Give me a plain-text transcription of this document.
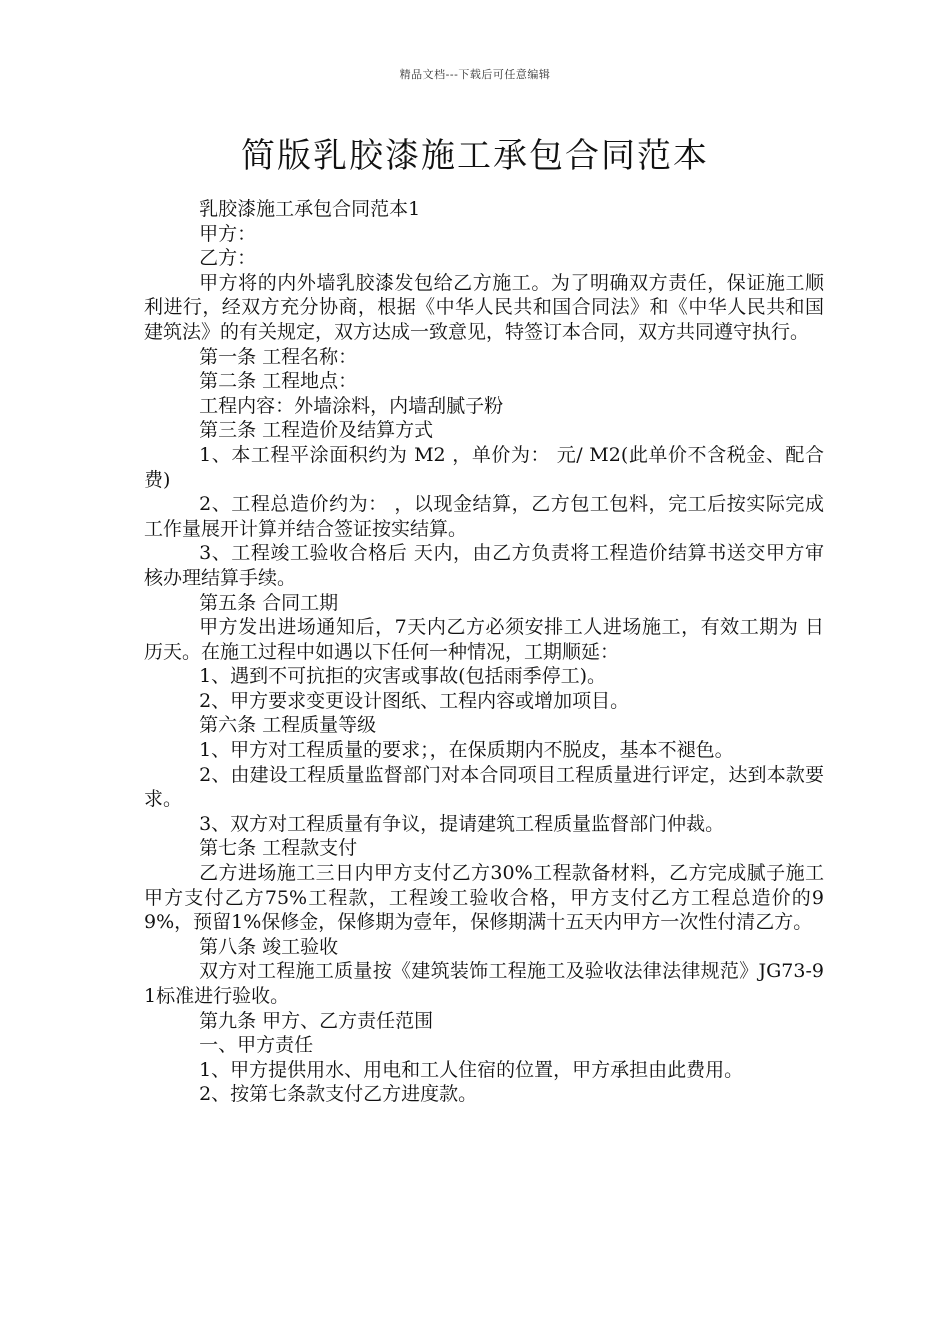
精品文档---下载后可任意编辑
简版乳胶漆施工承包合同范本

乳胶漆施工承包合同范本1

甲方：

乙方：

甲方将的内外墙乳胶漆发包给乙方施工。为了明确双方责任，保证施工顺利进行，经双方充分协商，根据《中华人民共和国合同法》和《中华人民共和国建筑法》的有关规定，双方达成一致意见，特签订本合同，双方共同遵守执行。

第一条 工程名称：

第二条 工程地点：

工程内容：外墙涂料，内墙刮腻子粉

第三条 工程造价及结算方式

1、本工程平涂面积约为 M2 ，单价为： 元/ M2(此单价不含税金、配合费)

2、工程总造价约为： ，以现金结算，乙方包工包料，完工后按实际完成工作量展开计算并结合签证按实结算。

3、工程竣工验收合格后 天内，由乙方负责将工程造价结算书送交甲方审核办理结算手续。

第五条 合同工期

甲方发出进场通知后，7天内乙方必须安排工人进场施工，有效工期为 日历天。在施工过程中如遇以下任何一种情况，工期顺延：

1、遇到不可抗拒的灾害或事故(包括雨季停工)。

2、甲方要求变更设计图纸、工程内容或增加项目。

第六条 工程质量等级

1、甲方对工程质量的要求；，在保质期内不脱皮，基本不褪色。

2、由建设工程质量监督部门对本合同项目工程质量进行评定，达到本款要求。

3、双方对工程质量有争议，提请建筑工程质量监督部门仲裁。

第七条 工程款支付

乙方进场施工三日内甲方支付乙方30%工程款备材料，乙方完成腻子施工甲方支付乙方75%工程款，工程竣工验收合格，甲方支付乙方工程总造价的99%，预留1%保修金，保修期为壹年，保修期满十五天内甲方一次性付清乙方。

第八条 竣工验收

双方对工程施工质量按《建筑装饰工程施工及验收法律法律规范》JG73-91标准进行验收。

第九条 甲方、乙方责任范围

一、甲方责任

1、甲方提供用水、用电和工人住宿的位置，甲方承担由此费用。

2、按第七条款支付乙方进度款。
